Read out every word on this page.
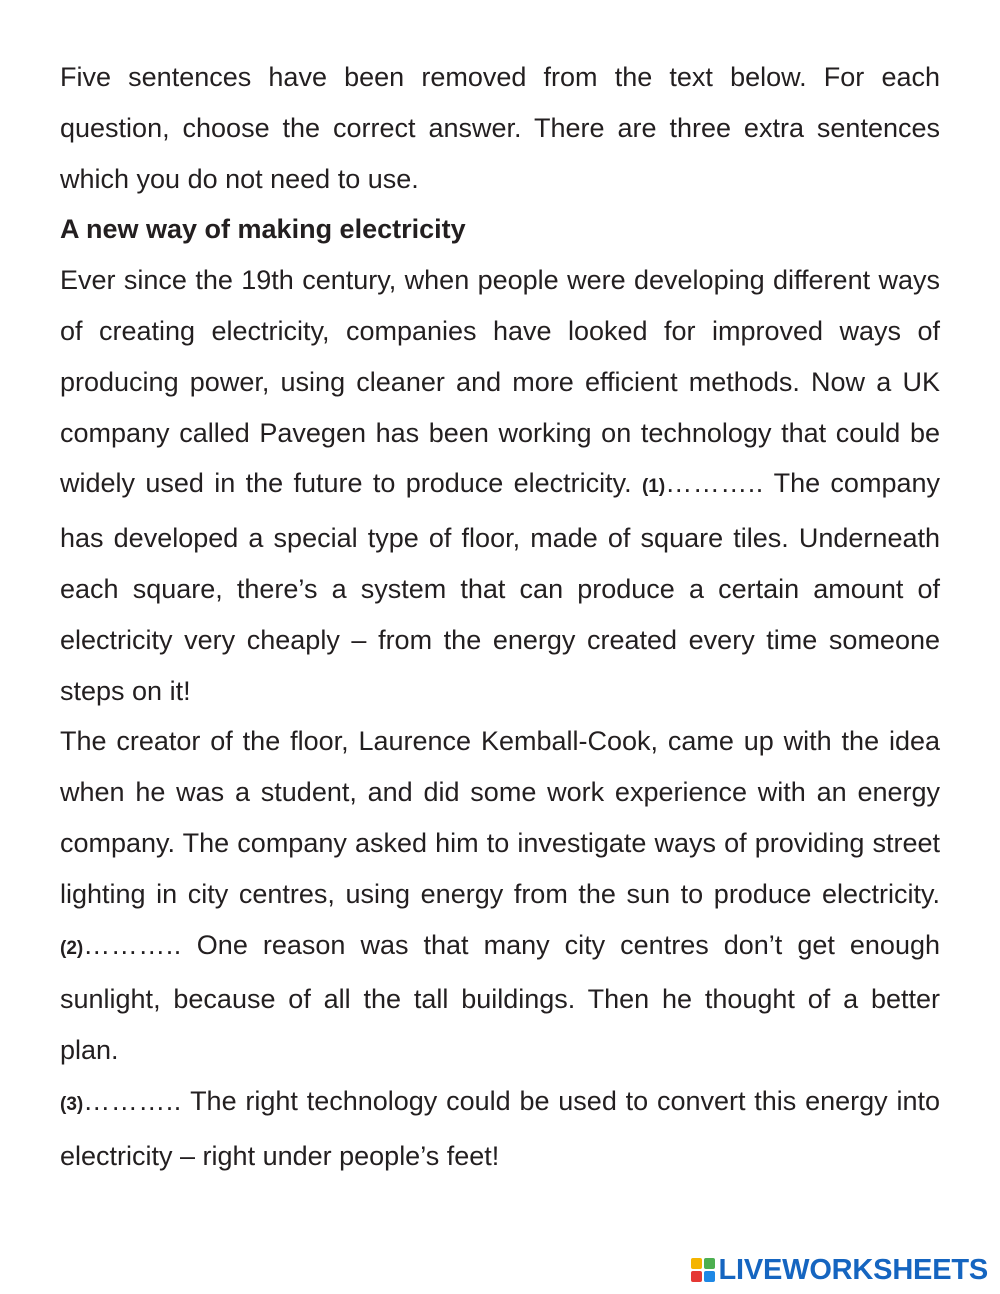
Five sentences have been removed from the text below. For each question, choose the correct answer. There are three extra sentences which you do not need to use.

A new way of making electricity

Ever since the 19th century, when people were developing different ways of creating electricity, companies have looked for improved ways of producing power, using cleaner and more efficient methods. Now a UK company called Pavegen has been working on technology that could be widely used in the future to produce electricity. (1)……….. The company has developed a special type of floor, made of square tiles. Underneath each square, there’s a system that can produce a certain amount of electricity very cheaply – from the energy created every time someone steps on it!

The creator of the floor, Laurence Kemball-Cook, came up with the idea when he was a student, and did some work experience with an energy company. The company asked him to investigate ways of providing street lighting in city centres, using energy from the sun to produce electricity. (2)……….. One reason was that many city centres don’t get enough sunlight, because of all the tall buildings. Then he thought of a better plan.

(3)……….. The right technology could be used to convert this energy into electricity – right under people’s feet!

LIVEWORKSHEETS
